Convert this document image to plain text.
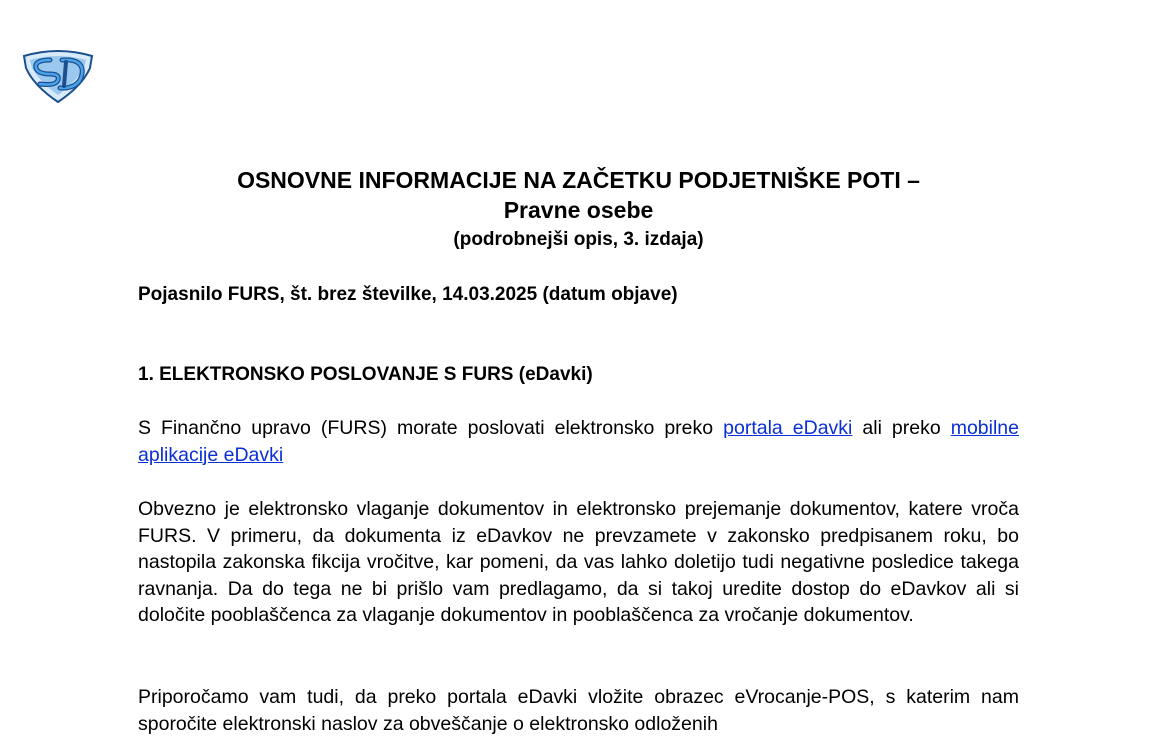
OSNOVNE INFORMACIJE NA ZAČETKU PODJETNIŠKE POTI –

Pravne osebe

(podrobnejši opis, 3. izdaja)

Pojasnilo FURS, št. brez številke, 14.03.2025 (datum objave)
1. ELEKTRONSKO POSLOVANJE S FURS (eDavki)

S Finančno upravo (FURS) morate poslovati elektronsko preko portala eDavki ali preko mobilne aplikacije eDavki

Obvezno je elektronsko vlaganje dokumentov in elektronsko prejemanje dokumentov, katere vroča FURS. V primeru, da dokumenta iz eDavkov ne prevzamete v zakonsko predpisanem roku, bo nastopila zakonska fikcija vročitve, kar pomeni, da vas lahko doletijo tudi negativne posledice takega ravnanja. Da do tega ne bi prišlo vam predlagamo, da si takoj uredite dostop do eDavkov ali si določite pooblaščenca za vlaganje dokumentov in pooblaščenca za vročanje dokumentov.

Priporočamo vam tudi, da preko portala eDavki vložite obrazec eVrocanje-POS, s katerim nam sporočite elektronski naslov za obveščanje o elektronsko odloženih
